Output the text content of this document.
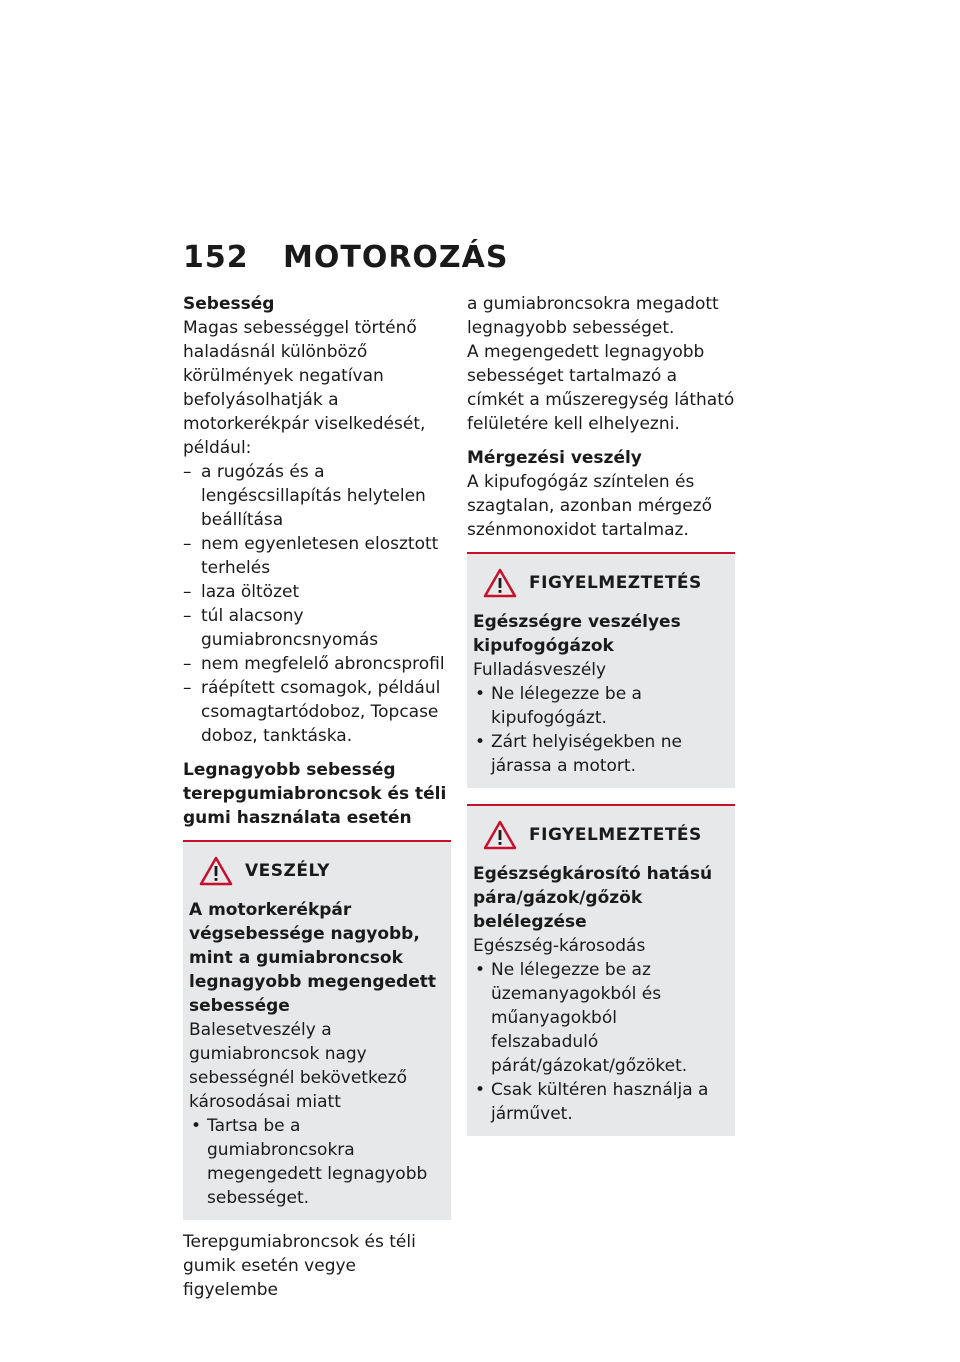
152 MOTOROZÁS

Sebesség

Magas sebességgel történő haladásnál különböző körülmények negatívan befolyásolhatják a motorkerékpár viselkedését, például:

– a rugózás és a lengéscsillapítás helytelen beállítása
– nem egyenletesen elosztott terhelés
– laza öltözet
– túl alacsony gumiabroncsnyomás
– nem megfelelő abroncsprofil
– ráépített csomagok, például csomagtartódoboz, Topcase doboz, tanktáska.

Legnagyobb sebesség terepgumiabroncsok és téli gumi használata esetén

VESZÉLY

A motorkerékpár végsebessége nagyobb, mint a gumiabroncsok legnagyobb megengedett sebessége

Balesetveszély a gumiabroncsok nagy sebességnél bekövetkező károsodásai miatt

• Tartsa be a gumiabroncsokra megengedett legnagyobb sebességet.

Terepgumiabroncsok és téli gumik esetén vegye figyelembe

a gumiabroncsokra megadott legnagyobb sebességet.

A megengedett legnagyobb sebességet tartalmazó a címkét a műszeregység látható felületére kell elhelyezni.

Mérgezési veszély

A kipufogógáz színtelen és szagtalan, azonban mérgező szénmonoxidot tartalmaz.

FIGYELMEZTETÉS

Egészségre veszélyes kipufogógázok

Fulladásveszély

• Ne lélegezze be a kipufogógázt.
• Zárt helyiségekben ne járassa a motort.
FIGYELMEZTETÉS

Egészségkárosító hatású pára/gázok/gőzök belélegzése

Egészség-károsodás

• Ne lélegezze be az üzemanyagokból és műanyagokból felszabaduló párát/gázokat/gőzöket.
• Csak kültéren használja a járművet.
